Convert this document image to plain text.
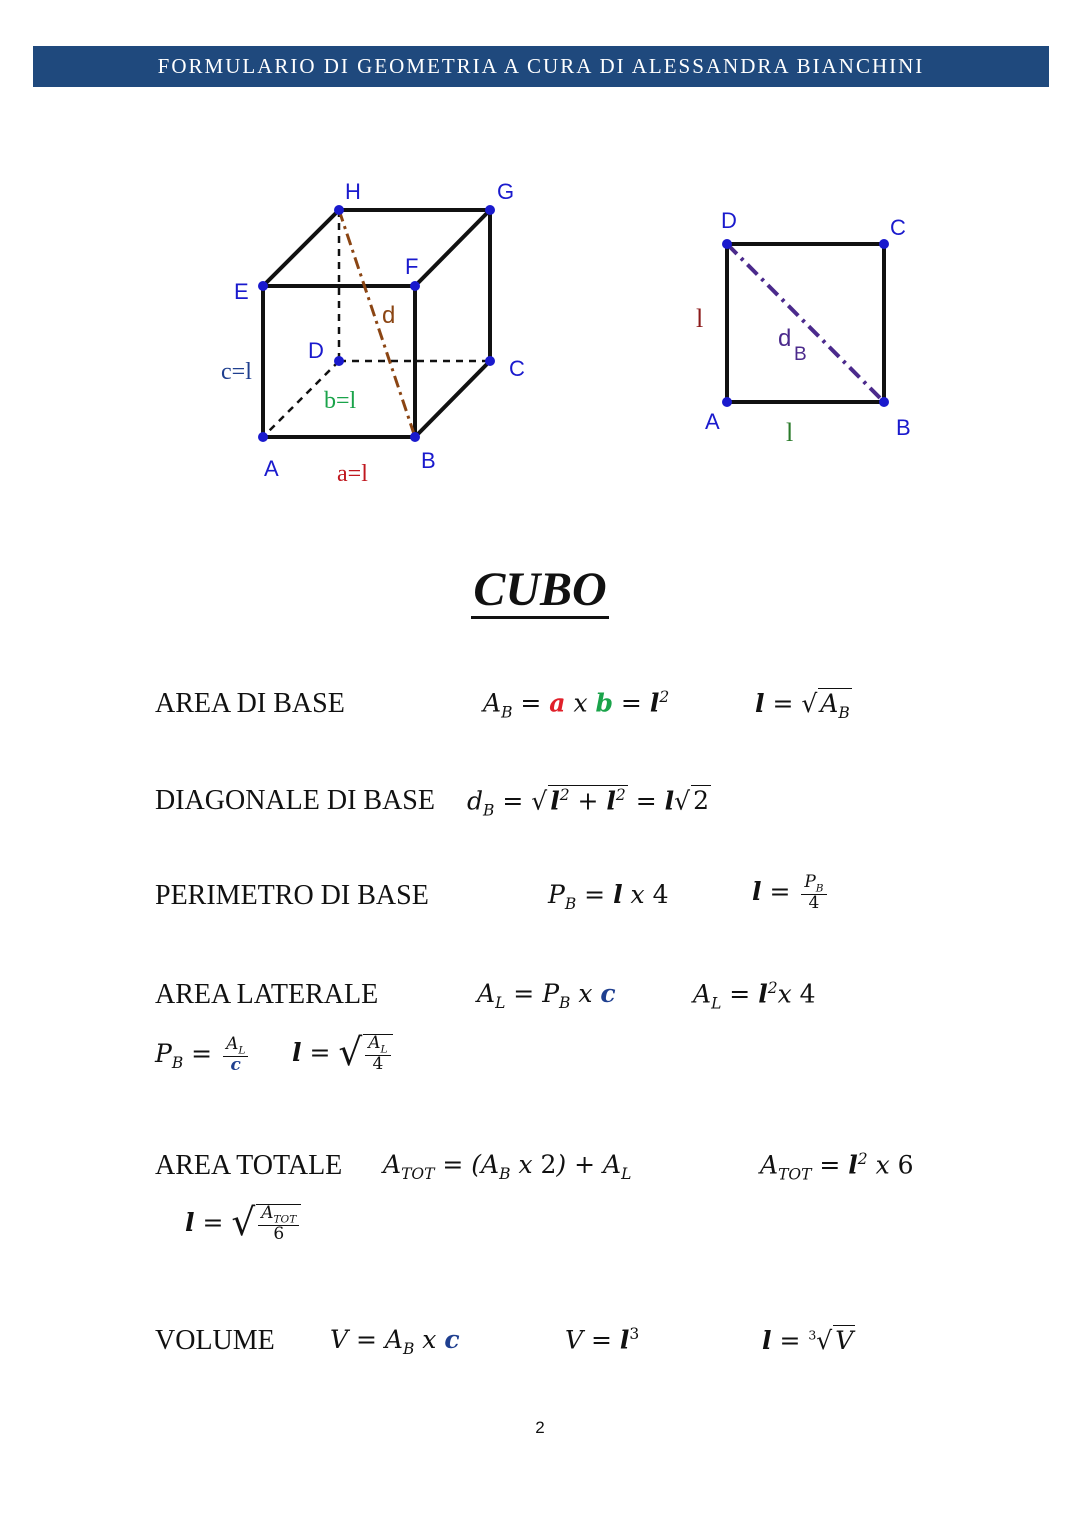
FORMULARIO DI GEOMETRIA A CURA DI ALESSANDRA BIANCHINI
H	G
E
F
D
C
A	B
d
c=l
b=l
a=l
D	C
A	B
d
B
l
l
CUBO
AREA DI BASE	$A_B = a$ x $b = l^2$	l = √ $A_B$
DIAGONALE DI BASE $d_B$ = √ $l^2 + l^2 = l√$ 2
PERIMETRO DI BASE	$P_B = l$ x 4	$l = \frac{P_B}{4}$
AREA LATERALE	$A_L = P_B$ x c	$A_L = l^2x$ 4
$P_B = \frac{A_L}{c}$ l = √ $\frac{A_L}{4}$
AREA TOTALE $A_{TOT} = (A_B$ x $2) + A_L$	$A_{TOT} = l^2$ x 6
l = √ $\frac{A_{TOT}}{6}$
VOLUME $V = A_B$ x c	$V = l^3$	l = $^3$√ V
2
